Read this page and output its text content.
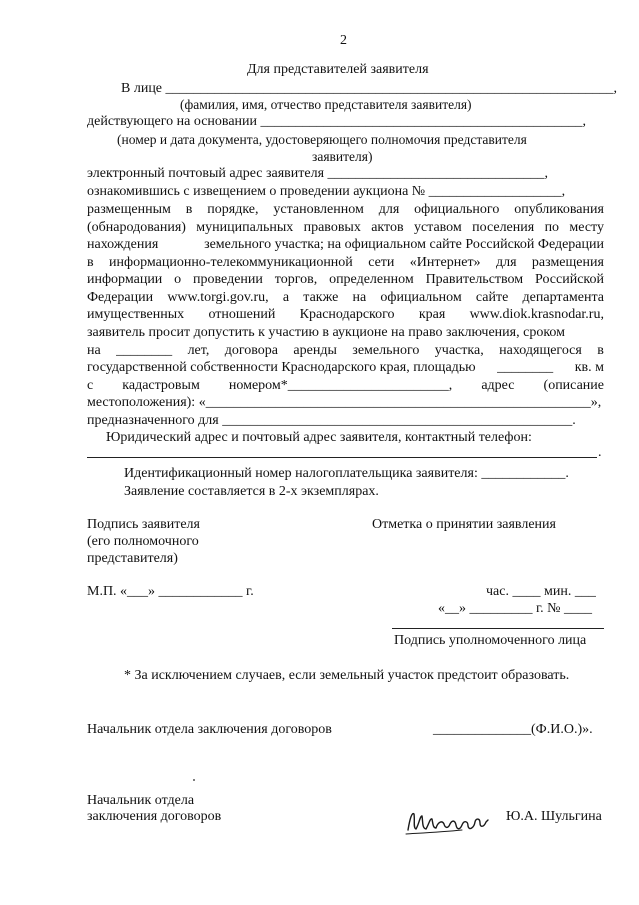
2
Для представителей заявителя
В лице ________________________________________________________________,
(фамилия, имя, отчество представителя заявителя)
действующего на основании ______________________________________________,
(номер и дата документа, удостоверяющего полномочия представителя
заявителя)
электронный почтовый адрес заявителя _______________________________,
ознакомившись с извещением о проведении аукциона № ___________________,
размещенным в порядке, установленном для официального опубликования
(обнародования) муниципальных правовых актов уставом поселения по месту
нахождения	земельного участка; на официальном сайте Российской Федерации
в информационно-телекоммуникационной сети «Интернет» для размещения
информации о проведении торгов, определенном Правительством Российской
Федерации www.torgi.gov.ru, а также на официальном сайте департамента
имущественных отношений Краснодарского края www.diok.krasnodar.ru,
заявитель просит допустить к участию в аукционе на право заключения, сроком
на ________ лет, договора аренды земельного участка, находящегося в
государственной собственности Краснодарского края, площадью ________ кв. м
с кадастровым номером*_______________________, адрес (описание
местоположения): «_______________________________________________________»,
предназначенного для __________________________________________________.
Юридический адрес и почтовый адрес заявителя, контактный телефон:
.
Идентификационный номер налогоплательщика заявителя: ____________.
Заявление составляется в 2-х экземплярах.
Подпись заявителя
(его полномочного
представителя)
Отметка о принятии заявления
М.П. «___» ____________ г.	час. ____ мин. ___
«__» _________ г. № ____
Подпись уполномоченного лица
* За исключением случаев, если земельный участок предстоит образовать.
Начальник отдела заключения договоров	______________(Ф.И.О.)».
Начальник отдела
заключения договоров	Ю.А. Шульгина
